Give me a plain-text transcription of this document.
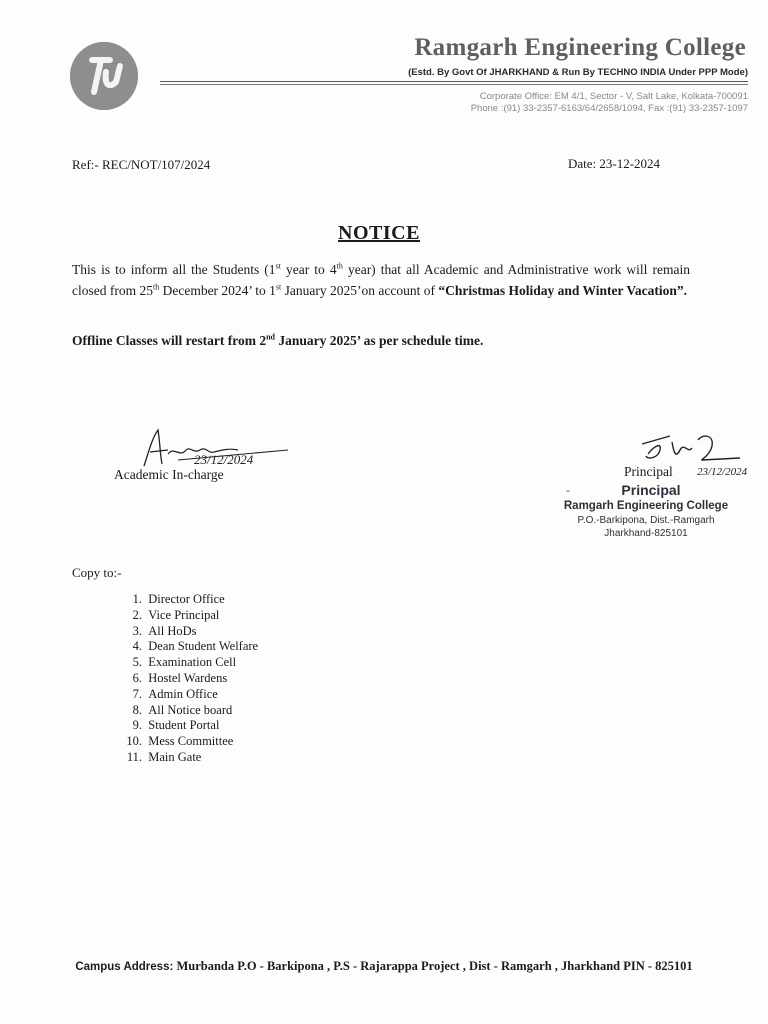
Ramgarh Engineering College
(Estd. By Govt Of JHARKHAND & Run By TECHNO INDIA Under PPP Mode)
Corporate Office: EM 4/1, Sector - V, Salt Lake, Kolkata-700091
Phone :(91) 33-2357-6163/64/2658/1094, Fax :(91) 33-2357-1097
Ref:- REC/NOT/107/2024	Date: 23-12-2024
NOTICE
This is to inform all the Students (1st year to 4th year) that all Academic and Administrative work will remain closed from 25th December 2024’ to 1st January 2025’on account of “Christmas Holiday and Winter Vacation”.
Offline Classes will restart from 2nd January 2025’ as per schedule time.
23/12/2024
23/12/2024
Academic In-charge	Principal
-	Principal
Ramgarh Engineering College
P.O.-Barkipona, Dist.-Ramgarh
Jharkhand-825101
Copy to:-
1. Director Office
2. Vice Principal
3. All HoDs
4. Dean Student Welfare
5. Examination Cell
6. Hostel Wardens
7. Admin Office
8. All Notice board
9. Student Portal
10. Mess Committee
11. Main Gate
Campus Address: Murbanda P.O - Barkipona , P.S - Rajarappa Project , Dist - Ramgarh , Jharkhand PIN - 825101
